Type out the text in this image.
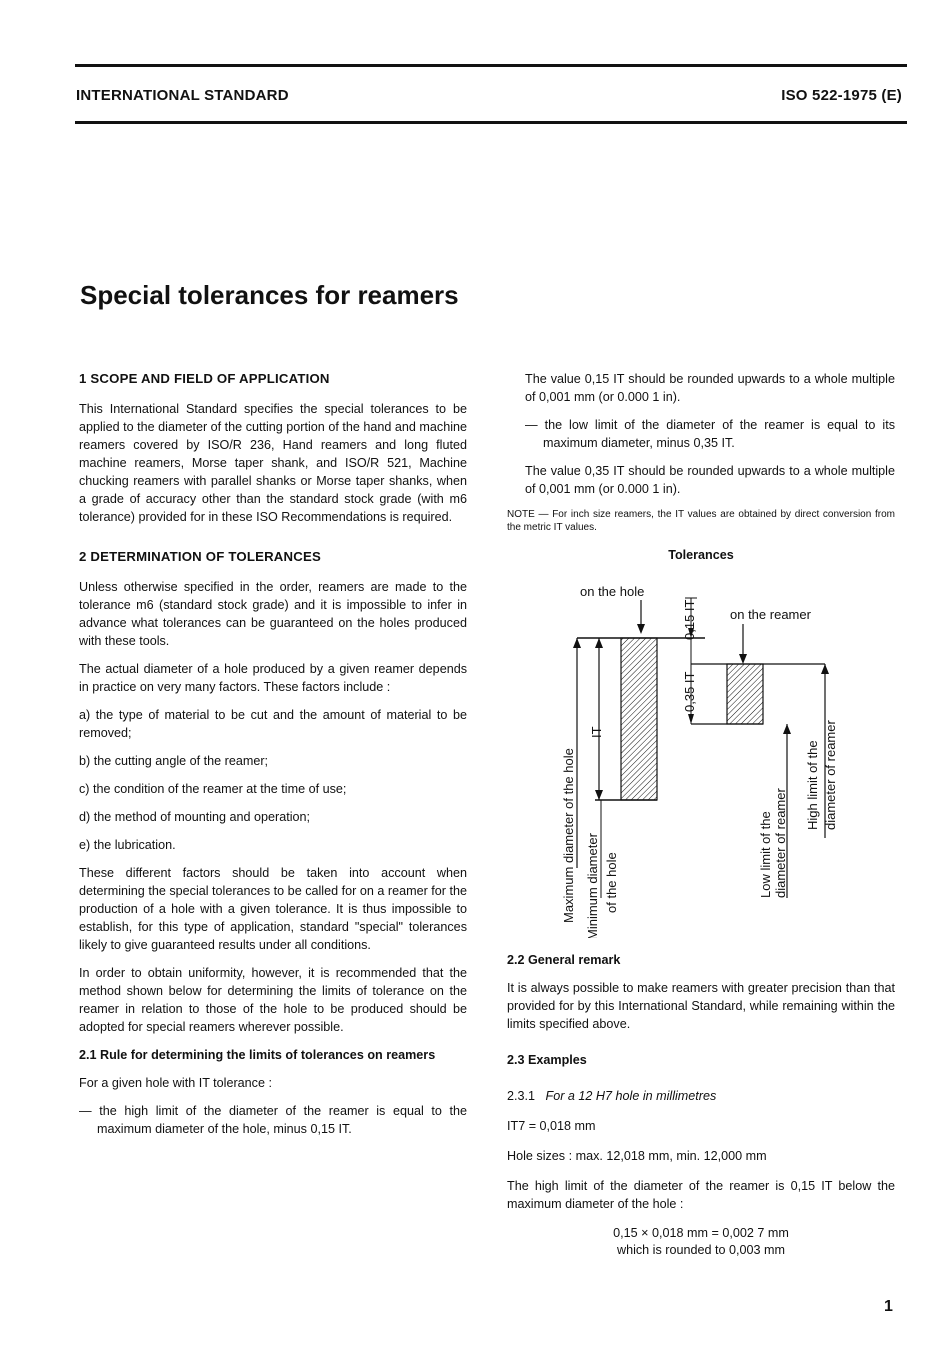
INTERNATIONAL STANDARD	ISO 522-1975 (E)
Special tolerances for reamers
1 SCOPE AND FIELD OF APPLICATION

This International Standard specifies the special tolerances to be applied to the diameter of the cutting portion of the hand and machine reamers covered by ISO/R 236, Hand reamers and long fluted machine reamers, Morse taper shank, and ISO/R 521, Machine chucking reamers with parallel shanks or Morse taper shanks, when a grade of accuracy other than the standard stock grade (with m6 tolerance) provided for in these ISO Recommendations is required.

2 DETERMINATION OF TOLERANCES

Unless otherwise specified in the order, reamers are made to the tolerance m6 (standard stock grade) and it is impossible to infer in advance what tolerances can be guaranteed on the holes produced with these tools.

The actual diameter of a hole produced by a given reamer depends in practice on very many factors. These factors include :

a) the type of material to be cut and the amount of material to be removed;

b) the cutting angle of the reamer;

c) the condition of the reamer at the time of use;

d) the method of mounting and operation;

e) the lubrication.

These different factors should be taken into account when determining the special tolerances to be called for on a reamer for the production of a hole with a given tolerance. It is thus impossible to establish, for this type of application, standard "special" tolerances likely to give guaranteed results under all conditions.

In order to obtain uniformity, however, it is recommended that the method shown below for determining the limits of tolerance on the reamer in relation to those of the hole to be produced should be adopted for special reamers wherever possible.

2.1 Rule for determining the limits of tolerances on reamers

For a given hole with IT tolerance :

— the high limit of the diameter of the reamer is equal to the maximum diameter of the hole, minus 0,15 IT.

The value 0,15 IT should be rounded upwards to a whole multiple of 0,001 mm (or 0.000 1 in).

— the low limit of the diameter of the reamer is equal to its maximum diameter, minus 0,35 IT.

The value 0,35 IT should be rounded upwards to a whole multiple of 0,001 mm (or 0.000 1 in).

NOTE — For inch size reamers, the IT values are obtained by direct conversion from the metric IT values.

Tolerances
on the hole
on the reamer
0,15 IT
0,35 IT
Maximum diameter of the hole
IT
Minimum diameter of the hole	Low limit of the diameter of reamer
High limit of the diameter of reamer
2.2 General remark

It is always possible to make reamers with greater precision than that provided for by this International Standard, while remaining within the limits specified above.

2.3 Examples

2.3.1 For a 12 H7 hole in millimetres

IT7 = 0,018 mm

Hole sizes : max. 12,018 mm, min. 12,000 mm

The high limit of the diameter of the reamer is 0,15 IT below the maximum diameter of the hole :

0,15 × 0,018 mm = 0,002 7 mm

which is rounded to 0,003 mm

1
